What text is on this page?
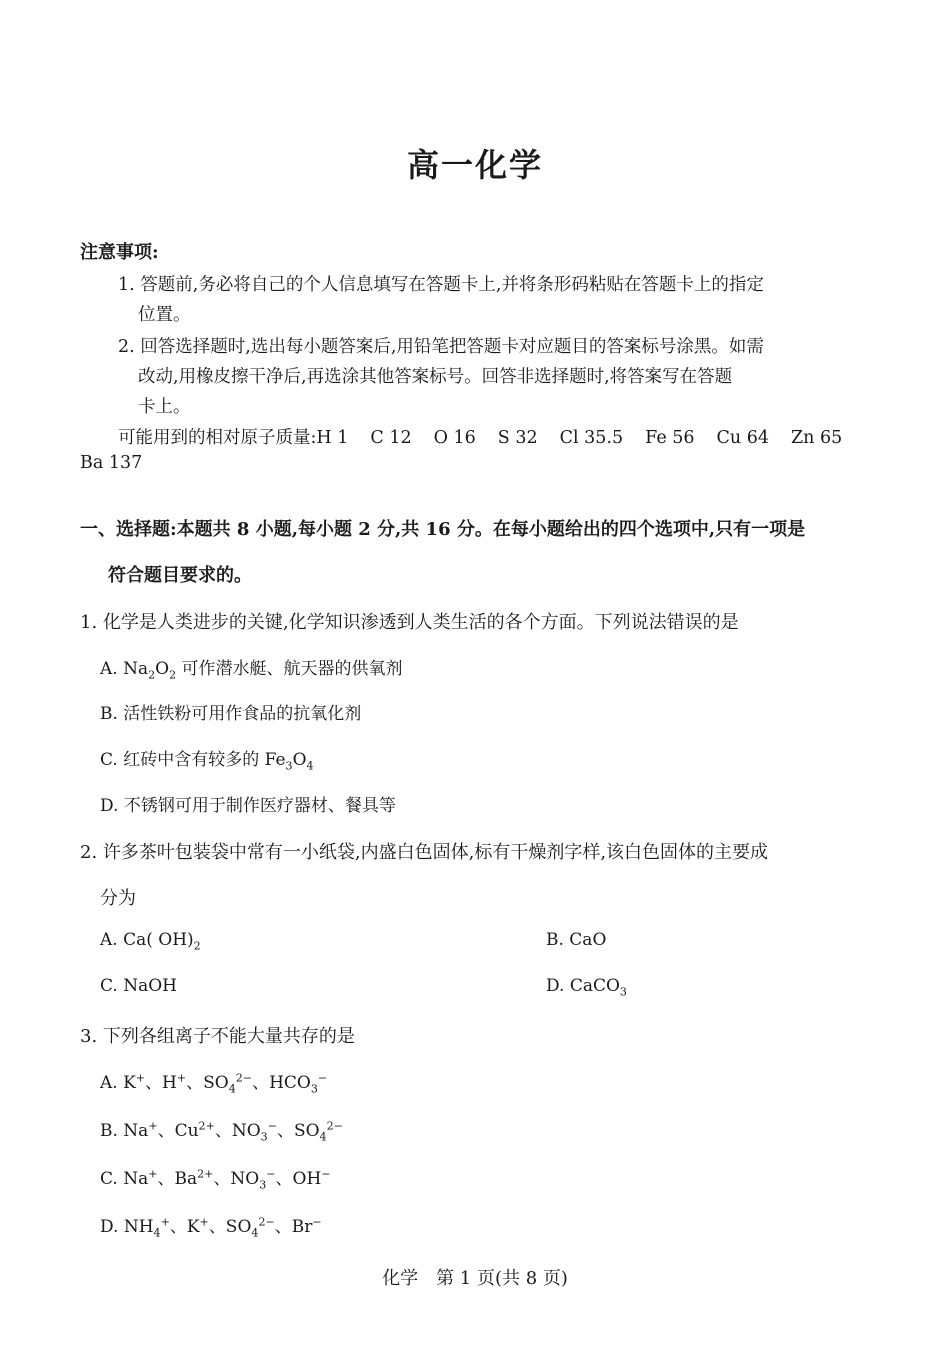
高一化学
注意事项:
1. 答题前,务必将自己的个人信息填写在答题卡上,并将条形码粘贴在答题卡上的指定
位置。
2. 回答选择题时,选出每小题答案后,用铅笔把答题卡对应题目的答案标号涂黑。如需
改动,用橡皮擦干净后,再选涂其他答案标号。回答非选择题时,将答案写在答题
卡上。
可能用到的相对原子质量:H 1 C 12 O 16 S 32 Cl 35.5 Fe 56 Cu 64 Zn 65
Ba 137
一、选择题:本题共 8 小题,每小题 2 分,共 16 分。在每小题给出的四个选项中,只有一项是
符合题目要求的。
1. 化学是人类进步的关键,化学知识渗透到人类生活的各个方面。下列说法错误的是
A. $Na_2O_2$ 可作潜水艇、航天器的供氧剂
B. 活性铁粉可用作食品的抗氧化剂
C. 红砖中含有较多的 $Fe_3O_4$
D. 不锈钢可用于制作医疗器材、餐具等
2. 许多茶叶包装袋中常有一小纸袋,内盛白色固体,标有干燥剂字样,该白色固体的主要成
分为
A. Ca( $OH)_2$	B. CaO
C. NaOH	D. CaCO$_3$
3. 下列各组离子不能大量共存的是
A. K+、H+、$SO_4^{2-}$、$HCO_3^-$
B. Na+、$Cu^{2+}$、$NO_3^-$、$SO_4^{2-}$
C. Na+、$Ba^{2+}$、$NO_3^-$、OH−
D. $NH_4^+$、K+、$SO_4^{2-}$、Br−
化学　第 1 页(共 8 页)
